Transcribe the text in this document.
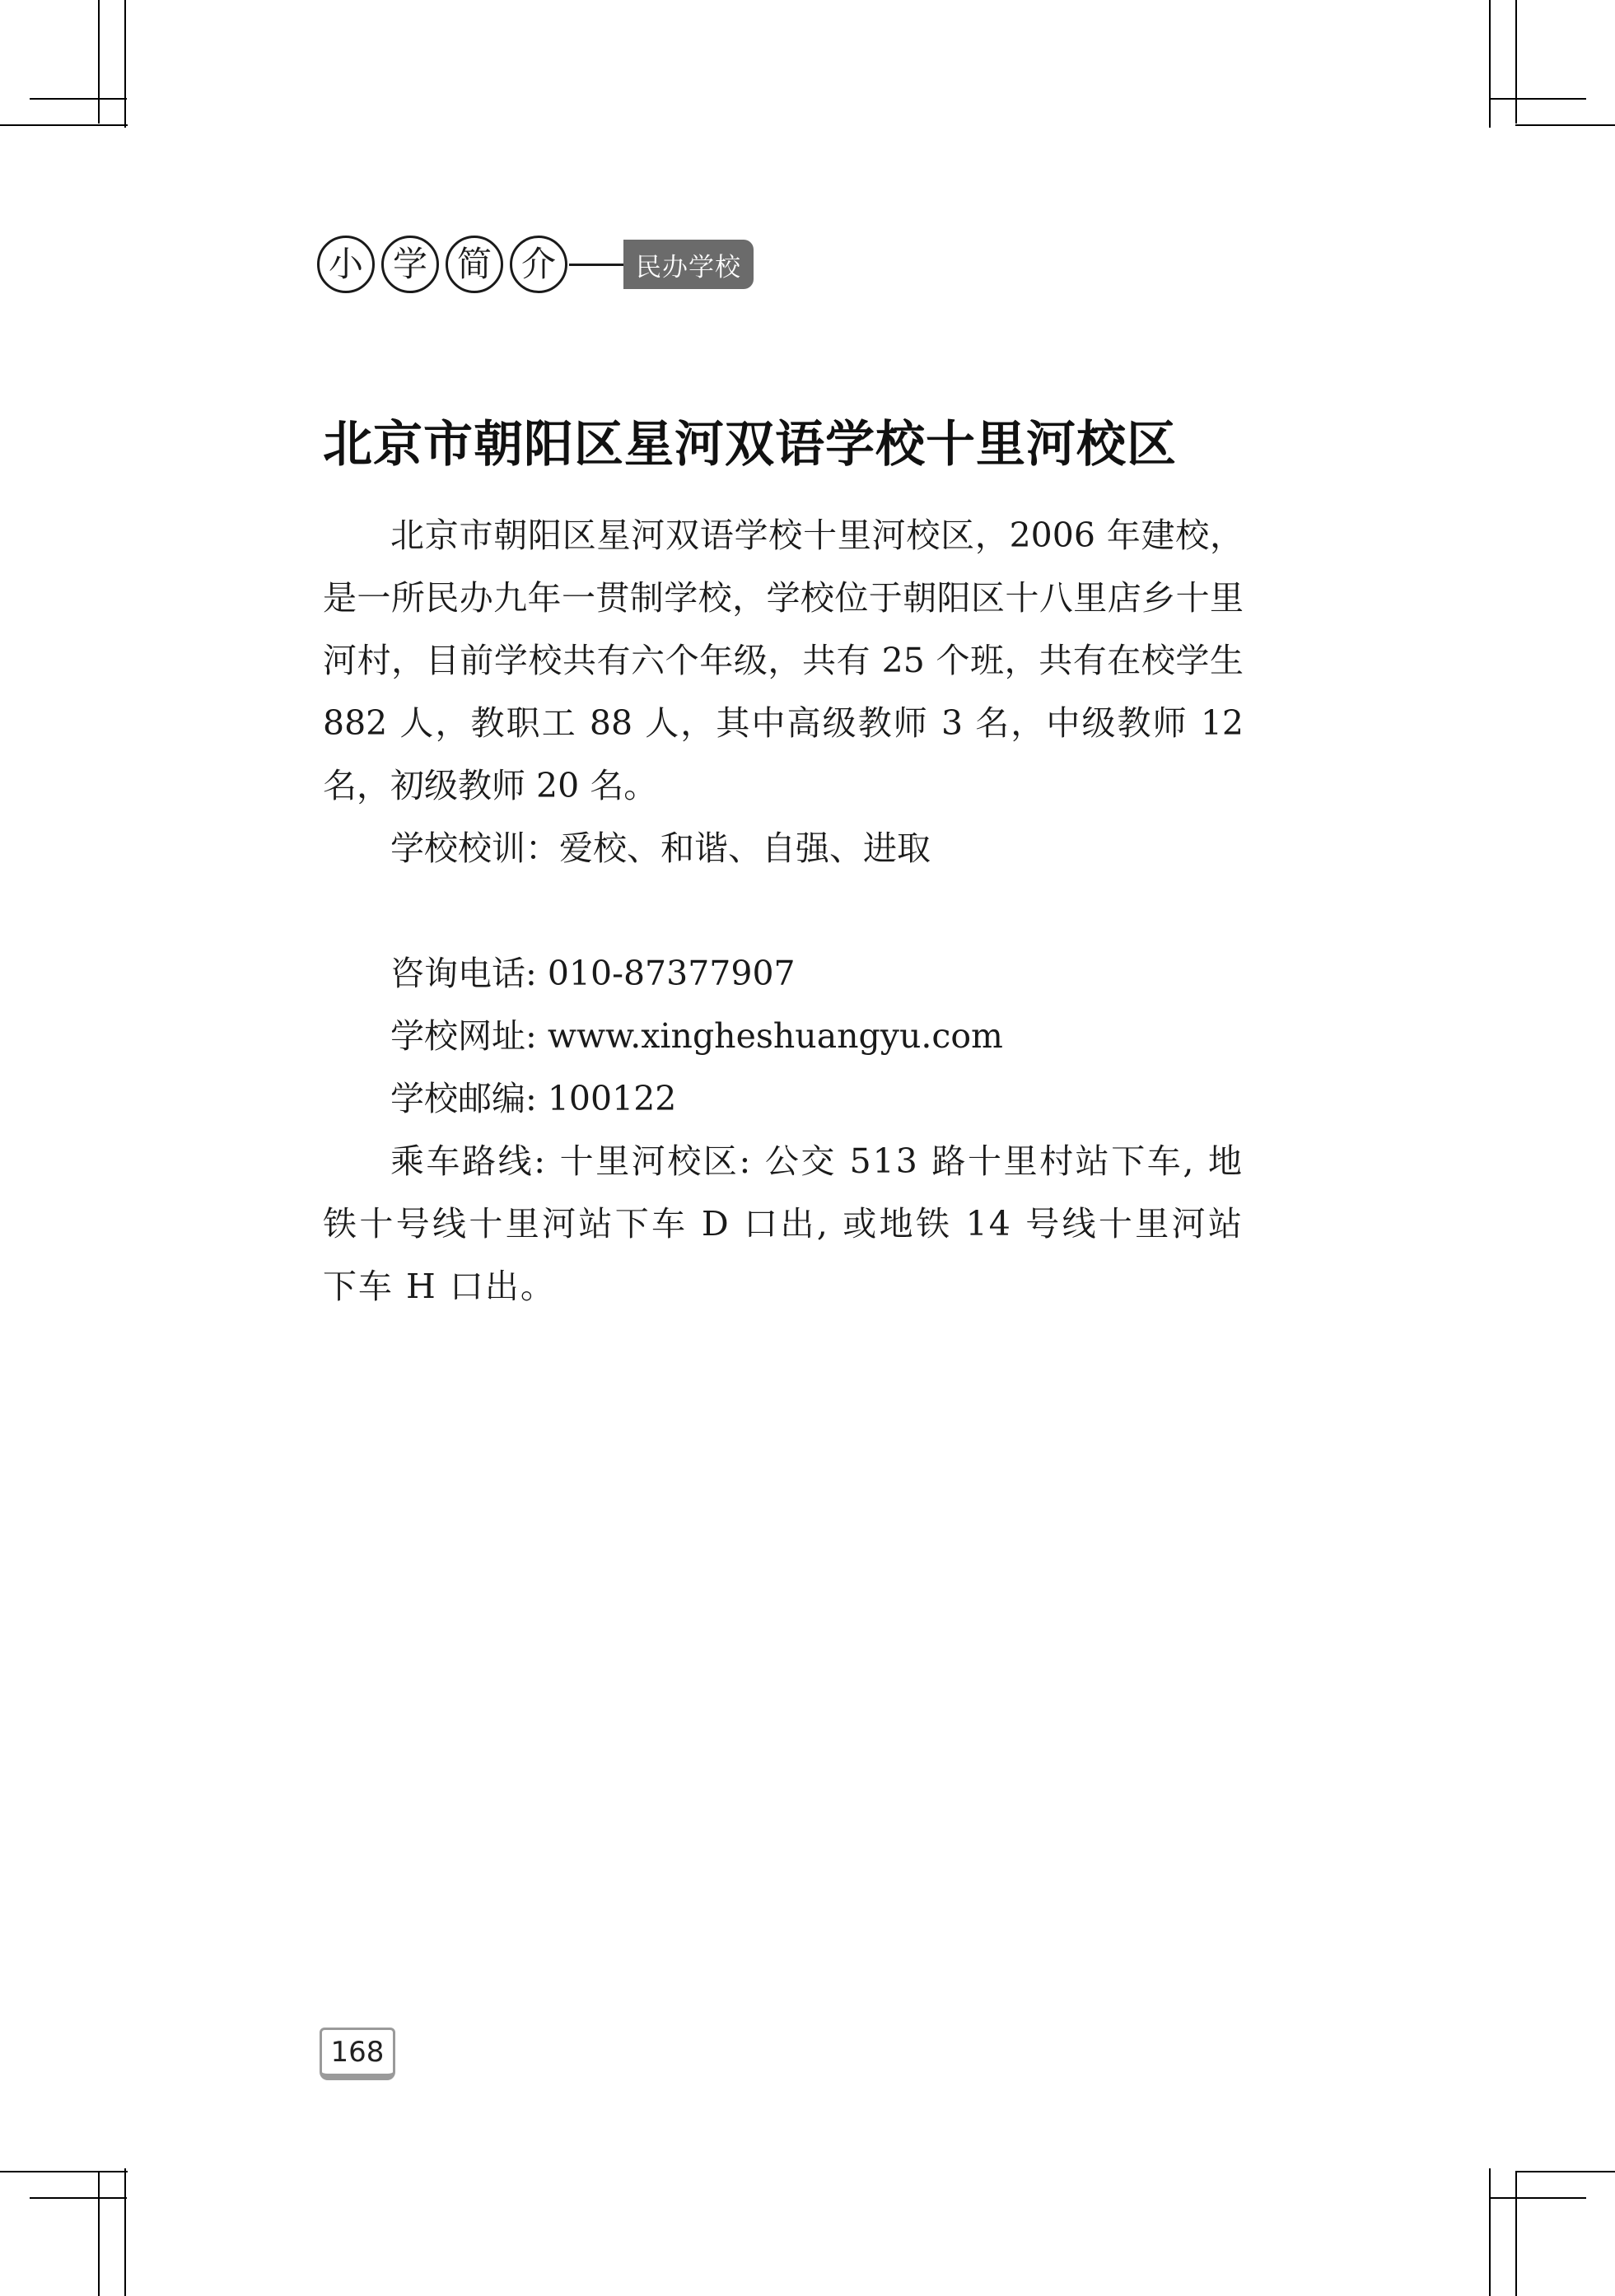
小 学 简 介	民办学校
北京市朝阳区星河双语学校十里河校区

北京市朝阳区星河双语学校十里河校区，2006 年建校，是一所民办九年一贯制学校，学校位于朝阳区十八里店乡十里河村，目前学校共有六个年级，共有 25 个班，共有在校学生 882 人，教职工 88 人，其中高级教师 3 名，中级教师 12 名，初级教师 20 名。

学校校训：爱校、和谐、自强、进取

咨询电话: 010-87377907

学校网址: www.xingheshuangyu.com

学校邮编: 100122

乘车路线: 十里河校区: 公交 513 路十里村站下车, 地铁十号线十里河站下车 D 口出, 或地铁 14 号线十里河站下车 H 口出。

168
